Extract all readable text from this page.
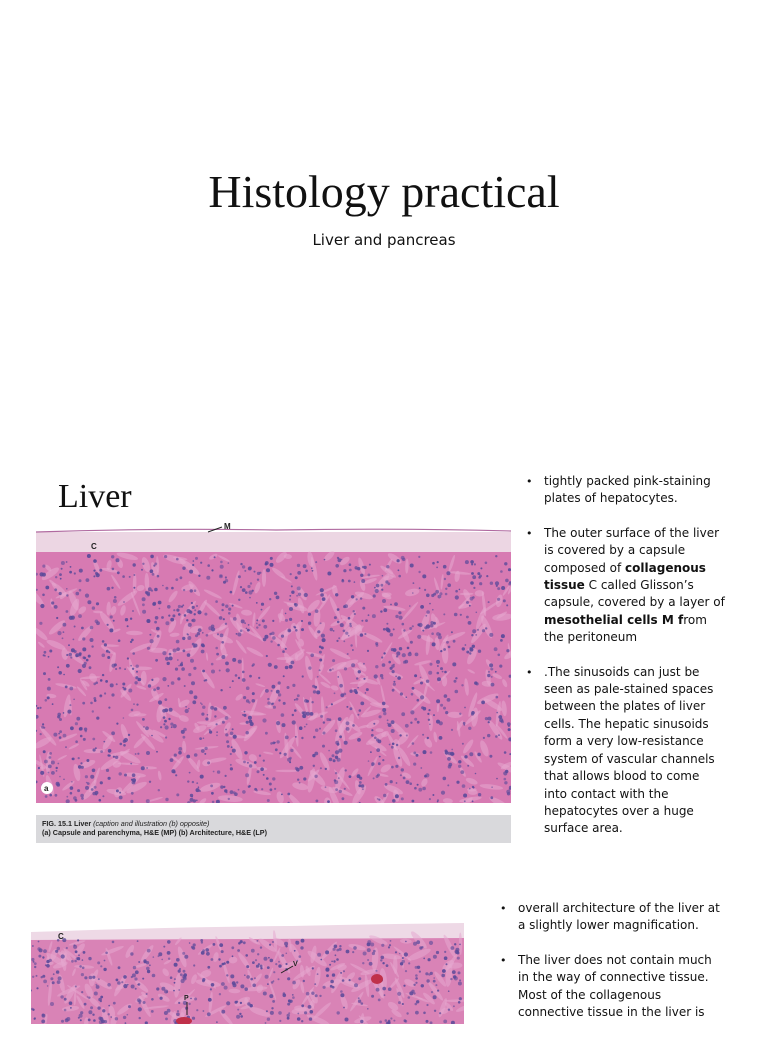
Histology practical
Liver and pancreas
Liver
M
C
a
FIG. 15.1 Liver (caption and illustration (b) opposite)
(a) Capsule and parenchyma, H&E (MP) (b) Architecture, H&E (LP)
• tightly packed pink-staining plates of hepatocytes.
• The outer surface of the liver is covered by a capsule composed of collagenous tissue C called Glisson’s capsule, covered by a layer of mesothelial cells M from the peritoneum
• .The sinusoids can just be seen as pale-stained spaces between the plates of liver cells. The hepatic sinusoids form a very low-resistance system of vascular channels that allows blood to come into contact with the hepatocytes over a huge surface area.
C
V
P
• overall architecture of the liver at a slightly lower magnification.
• The liver does not contain much in the way of connective tissue. Most of the collagenous connective tissue in the liver is
